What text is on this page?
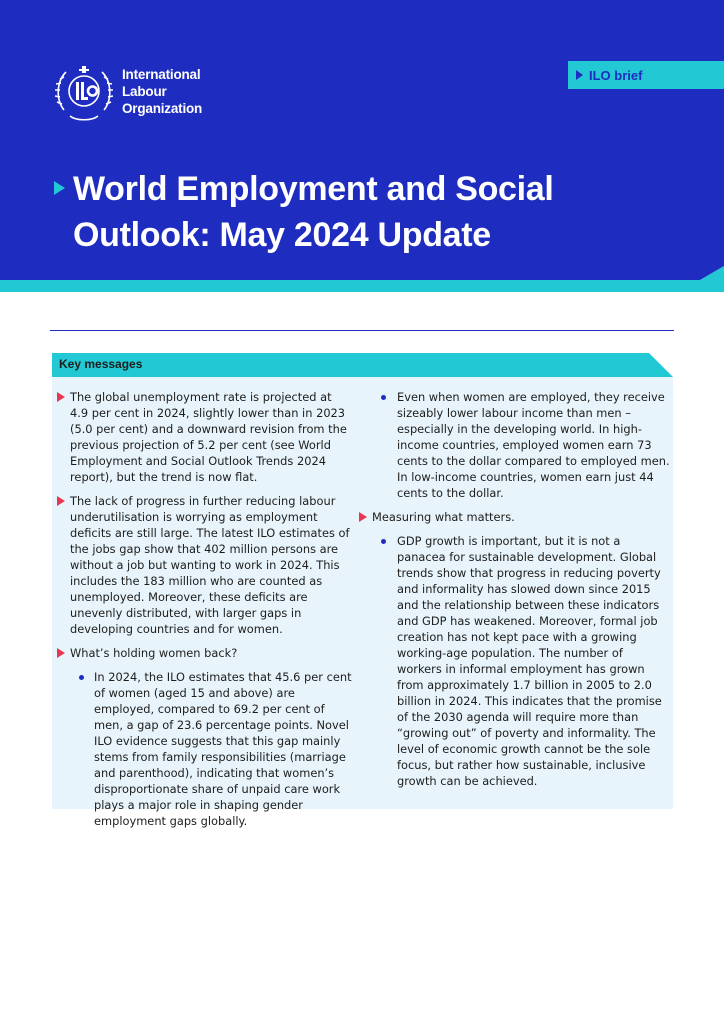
International
Labour
Organization
ILO brief
World Employment and Social
Outlook: May 2024 Update
Key messages
The global unemployment rate is projected at 4.9 per cent in 2024, slightly lower than in 2023 (5.0 per cent) and a downward revision from the previous projection of 5.2 per cent (see World Employment and Social Outlook Trends 2024 report), but the trend is now flat.
The lack of progress in further reducing labour underutilisation is worrying as employment deficits are still large. The latest ILO estimates of the jobs gap show that 402 million persons are without a job but wanting to work in 2024. This includes the 183 million who are counted as unemployed. Moreover, these deficits are unevenly distributed, with larger gaps in developing countries and for women.
What’s holding women back?
In 2024, the ILO estimates that 45.6 per cent of women (aged 15 and above) are employed, compared to 69.2 per cent of men, a gap of 23.6 percentage points. Novel ILO evidence suggests that this gap mainly stems from family responsibilities (marriage and parenthood), indicating that women’s disproportionate share of unpaid care work plays a major role in shaping gender employment gaps globally.
Even when women are employed, they receive sizeably lower labour income than men – especially in the developing world. In high-income countries, employed women earn 73 cents to the dollar compared to employed men. In low-income countries, women earn just 44 cents to the dollar.
Measuring what matters.
GDP growth is important, but it is not a panacea for sustainable development. Global trends show that progress in reducing poverty and informality has slowed down since 2015 and the relationship between these indicators and GDP has weakened. Moreover, formal job creation has not kept pace with a growing working-age population. The number of workers in informal employment has grown from approximately 1.7 billion in 2005 to 2.0 billion in 2024. This indicates that the promise of the 2030 agenda will require more than “growing out” of poverty and informality. The level of economic growth cannot be the sole focus, but rather how sustainable, inclusive growth can be achieved.
